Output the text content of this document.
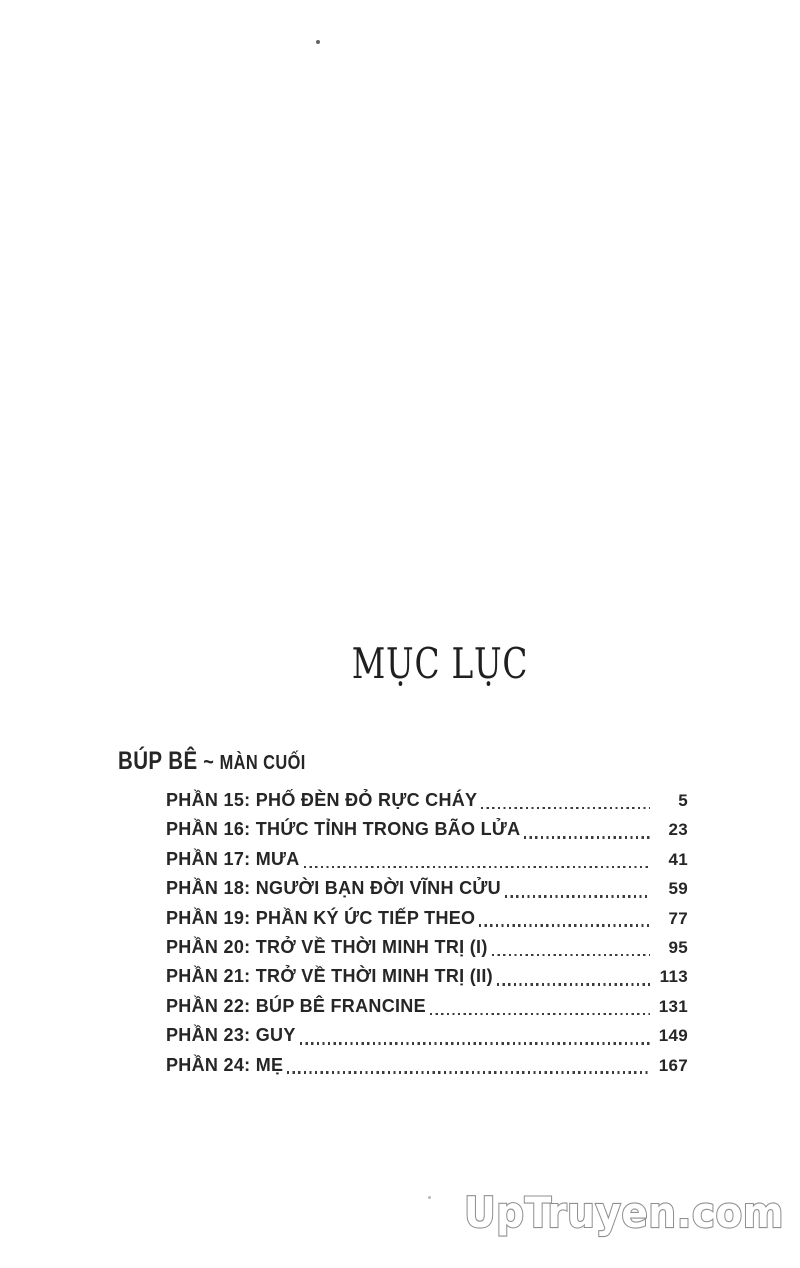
MỤC LỤC
BÚP BÊ ~ MÀN CUỐI
PHẦN 15: PHỐ ĐÈN ĐỎ RỰC CHÁY	5
PHẦN 16: THỨC TỈNH TRONG BÃO LỬA	23
PHẦN 17: MƯA	41
PHẦN 18: NGƯỜI BẠN ĐỜI VĨNH CỬU	59
PHẦN 19: PHẦN KÝ ỨC TIẾP THEO	77
PHẦN 20: TRỞ VỀ THỜI MINH TRỊ (I)	95
PHẦN 21: TRỞ VỀ THỜI MINH TRỊ (II)	113
PHẦN 22: BÚP BÊ FRANCINE	131
PHẦN 23: GUY	149
PHẦN 24: MẸ	167
UpTruyen.com
